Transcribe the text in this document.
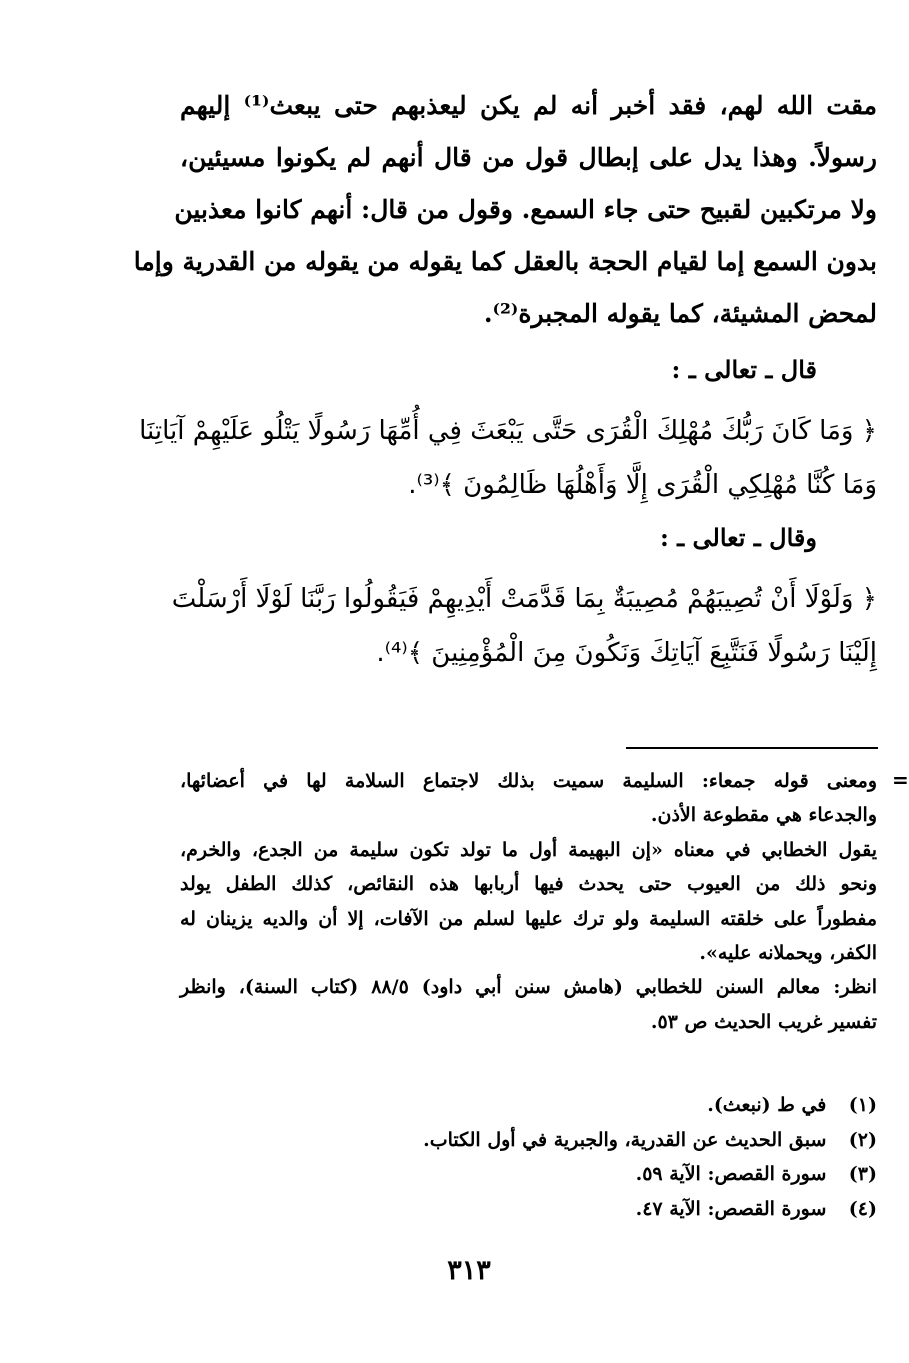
مقت الله لهم، فقد أخبر أنه لم يكن ليعذبهم حتى يبعث⁽¹⁾ إليهم
رسولاً. وهذا يدل على إبطال قول من قال أنهم لم يكونوا مسيئين،
ولا مرتكبين لقبيح حتى جاء السمع. وقول من قال: أنهم كانوا معذبين
بدون السمع إما لقيام الحجة بالعقل كما يقوله من يقوله من القدرية وإما
لمحض المشيئة، كما يقوله المجبرة⁽²⁾.
قال ـ تعالى ـ :
﴿ وَمَا كَانَ رَبُّكَ مُهْلِكَ الْقُرَى حَتَّى يَبْعَثَ فِي أُمِّهَا رَسُولًا يَتْلُو عَلَيْهِمْ آيَاتِنَا
وَمَا كُنَّا مُهْلِكِي الْقُرَى إِلَّا وَأَهْلُهَا ظَالِمُونَ ﴾⁽³⁾.
وقال ـ تعالى ـ :
﴿ وَلَوْلَا أَنْ تُصِيبَهُمْ مُصِيبَةٌ بِمَا قَدَّمَتْ أَيْدِيهِمْ فَيَقُولُوا رَبَّنَا لَوْلَا أَرْسَلْتَ
إِلَيْنَا رَسُولًا فَنَتَّبِعَ آيَاتِكَ وَنَكُونَ مِنَ الْمُؤْمِنِينَ ﴾⁽⁴⁾.
=
ومعنى قوله جمعاء: السليمة سميت بذلك لاجتماع السلامة لها في أعضائها،
والجدعاء هي مقطوعة الأذن.
يقول الخطابي في معناه «إن البهيمة أول ما تولد تكون سليمة من الجدع، والخرم،
ونحو ذلك من العيوب حتى يحدث فيها أربابها هذه النقائص، كذلك الطفل يولد
مفطوراً على خلقته السليمة ولو ترك عليها لسلم من الآفات، إلا أن والديه يزينان له
الكفر، ويحملانه عليه».
انظر: معالم السنن للخطابي (هامش سنن أبي داود) ٨٨/٥ (كتاب السنة)، وانظر
تفسير غريب الحديث ص ٥٣.
(١) في ط (نبعث).
(٢) سبق الحديث عن القدرية، والجبرية في أول الكتاب.
(٣) سورة القصص: الآية ٥٩.
(٤) سورة القصص: الآية ٤٧.
٣١٣
